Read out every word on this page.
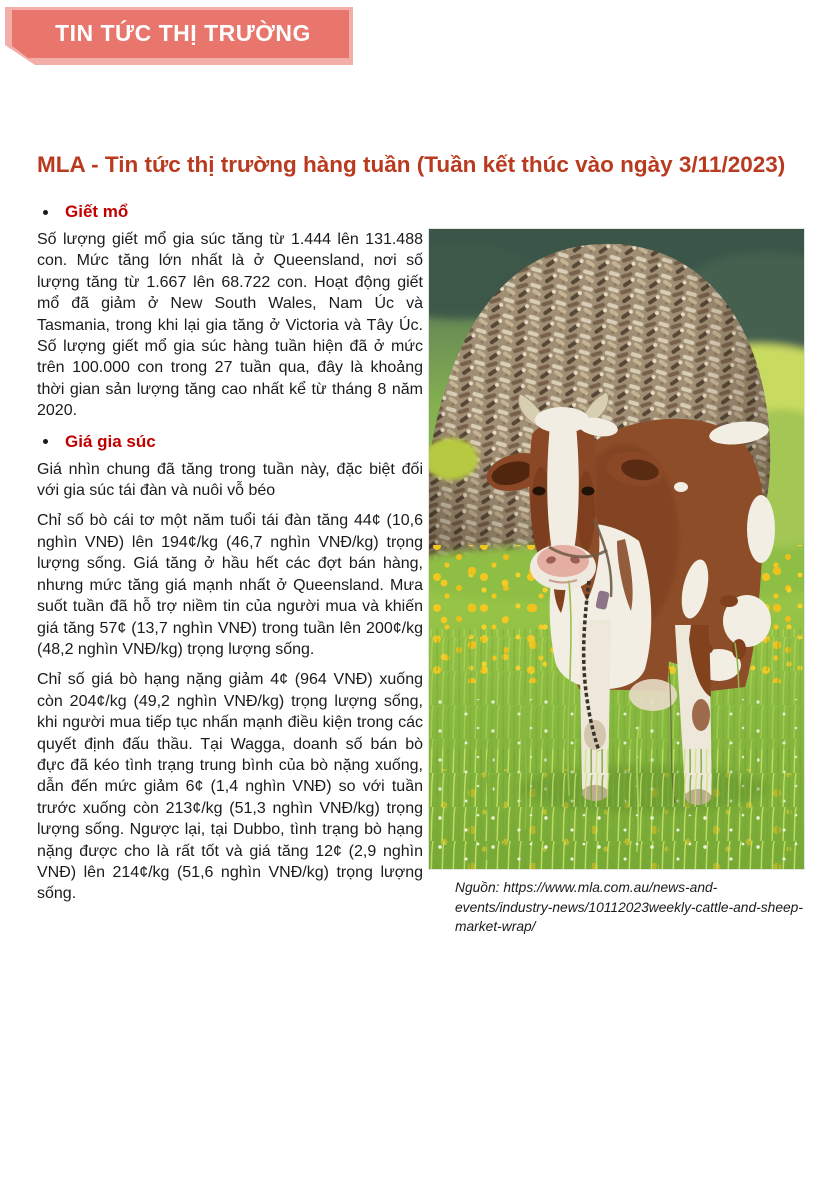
TIN TỨC THỊ TRƯỜNG
MLA - Tin tức thị trường hàng tuần (Tuần kết thúc vào ngày 3/11/2023)
Giết mổ

Số lượng giết mổ gia súc tăng từ 1.444 lên 131.488 con. Mức tăng lớn nhất là ở Queensland, nơi số lượng tăng từ 1.667 lên 68.722 con. Hoạt động giết mổ đã giảm ở New South Wales, Nam Úc và Tasmania, trong khi lại gia tăng ở Victoria và Tây Úc. Số lượng giết mổ gia súc hàng tuần hiện đã ở mức trên 100.000 con trong 27 tuần qua, đây là khoảng thời gian sản lượng tăng cao nhất kể từ tháng 8 năm 2020.

Giá gia súc

Giá nhìn chung đã tăng trong tuần này, đặc biệt đối với gia súc tái đàn và nuôi vỗ béo

Chỉ số bò cái tơ một năm tuổi tái đàn tăng 44¢ (10,6 nghìn VNĐ) lên 194¢/kg (46,7 nghìn VNĐ/kg) trọng lượng sống. Giá tăng ở hầu hết các đợt bán hàng, nhưng mức tăng giá mạnh nhất ở Queensland. Mưa suốt tuần đã hỗ trợ niềm tin của người mua và khiến giá tăng 57¢ (13,7 nghìn VNĐ) trong tuần lên 200¢/kg (48,2 nghìn VNĐ/kg) trọng lượng sống.

Chỉ số giá bò hạng nặng giảm 4¢ (964 VNĐ) xuống còn 204¢/kg (49,2 nghìn VNĐ/kg) trọng lượng sống, khi người mua tiếp tục nhấn mạnh điều kiện trong các quyết định đấu thầu. Tại Wagga, doanh số bán bò đực đã kéo tình trạng trung bình của bò nặng xuống, dẫn đến mức giảm 6¢ (1,4 nghìn VNĐ) so với tuần trước xuống còn 213¢/kg (51,3 nghìn VNĐ/kg) trọng lượng sống. Ngược lại, tại Dubbo, tình trạng bò hạng nặng được cho là rất tốt và giá tăng 12¢ (2,9 nghìn VNĐ) lên 214¢/kg (51,6 nghìn VNĐ/kg) trọng lượng sống.	Nguồn: https://www.mla.com.au/news-and-events/industry-news/10112023weekly-cattle-and-sheep-market-wrap/
